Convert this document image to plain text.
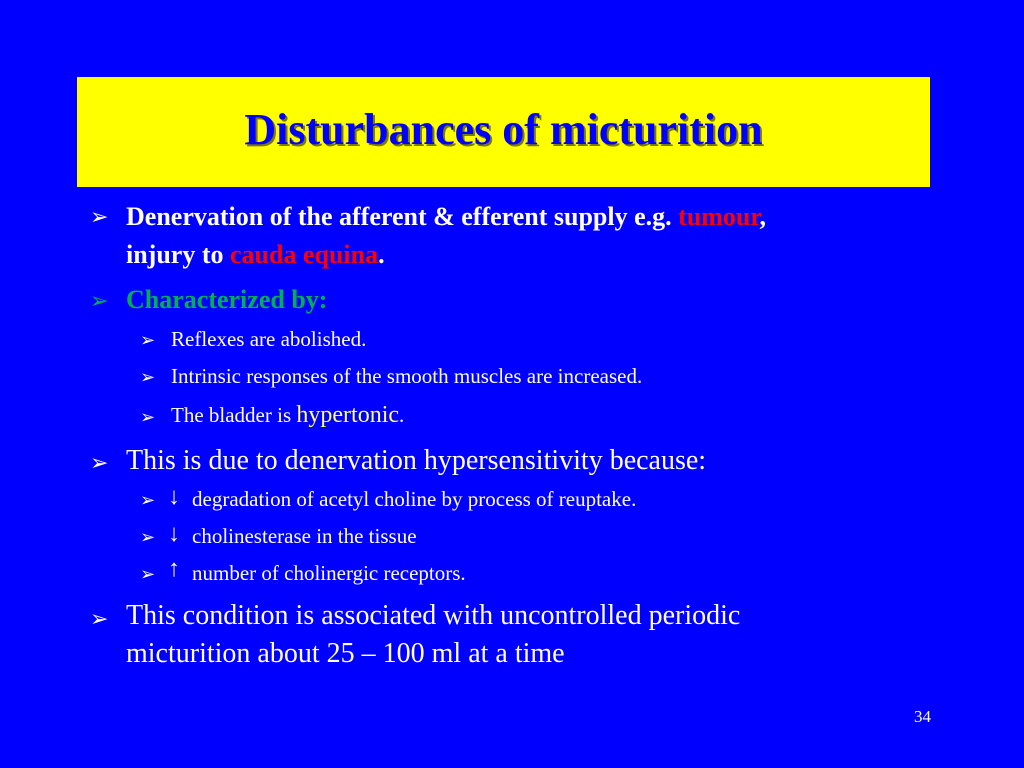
Disturbances of micturition
➢ Denervation of the afferent & efferent supply e.g. tumour,
injury to cauda equina.
➢ Characterized by:
➢ Reflexes are abolished.
➢ Intrinsic responses of the smooth muscles are increased.
➢ The bladder is hypertonic.
➢ This is due to denervation hypersensitivity because:
➢ ↓ degradation of acetyl choline by process of reuptake.
➢ ↓ cholinesterase in the tissue
➢ ↑ number of cholinergic receptors.
➢ This condition is associated with uncontrolled periodic
micturition about 25 – 100 ml at a time
34
